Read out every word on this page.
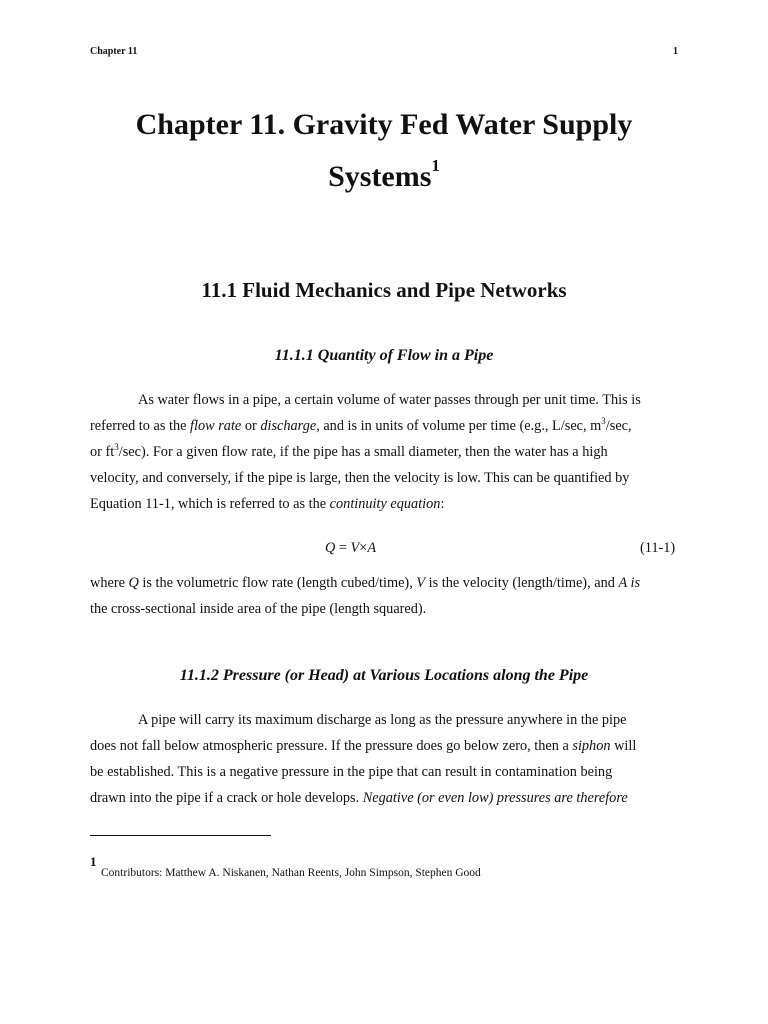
Chapter 11	1
Chapter 11. Gravity Fed Water Supply
Systems$^1$
11.1 Fluid Mechanics and Pipe Networks
11.1.1 Quantity of Flow in a Pipe
As water flows in a pipe, a certain volume of water passes through per unit time. This is
referred to as the flow rate or discharge, and is in units of volume per time (e.g., L/sec, $m^3/\sec$,
or $ft^3/\sec$). For a given flow rate, if the pipe has a small diameter, then the water has a high
velocity, and conversely, if the pipe is large, then the velocity is low. This can be quantified by
Equation 11-1, which is referred to as the continuity equation:
Q = V×A	(11-1)
where Q is the volumetric flow rate (length cubed/time), V is the velocity (length/time), and A is
the cross-sectional inside area of the pipe (length squared).
11.1.2 Pressure (or Head) at Various Locations along the Pipe
A pipe will carry its maximum discharge as long as the pressure anywhere in the pipe
does not fall below atmospheric pressure. If the pressure does go below zero, then a siphon will
be established. This is a negative pressure in the pipe that can result in contamination being
drawn into the pipe if a crack or hole develops. Negative (or even low) pressures are therefore
1
Contributors: Matthew A. Niskanen, Nathan Reents, John Simpson, Stephen Good
